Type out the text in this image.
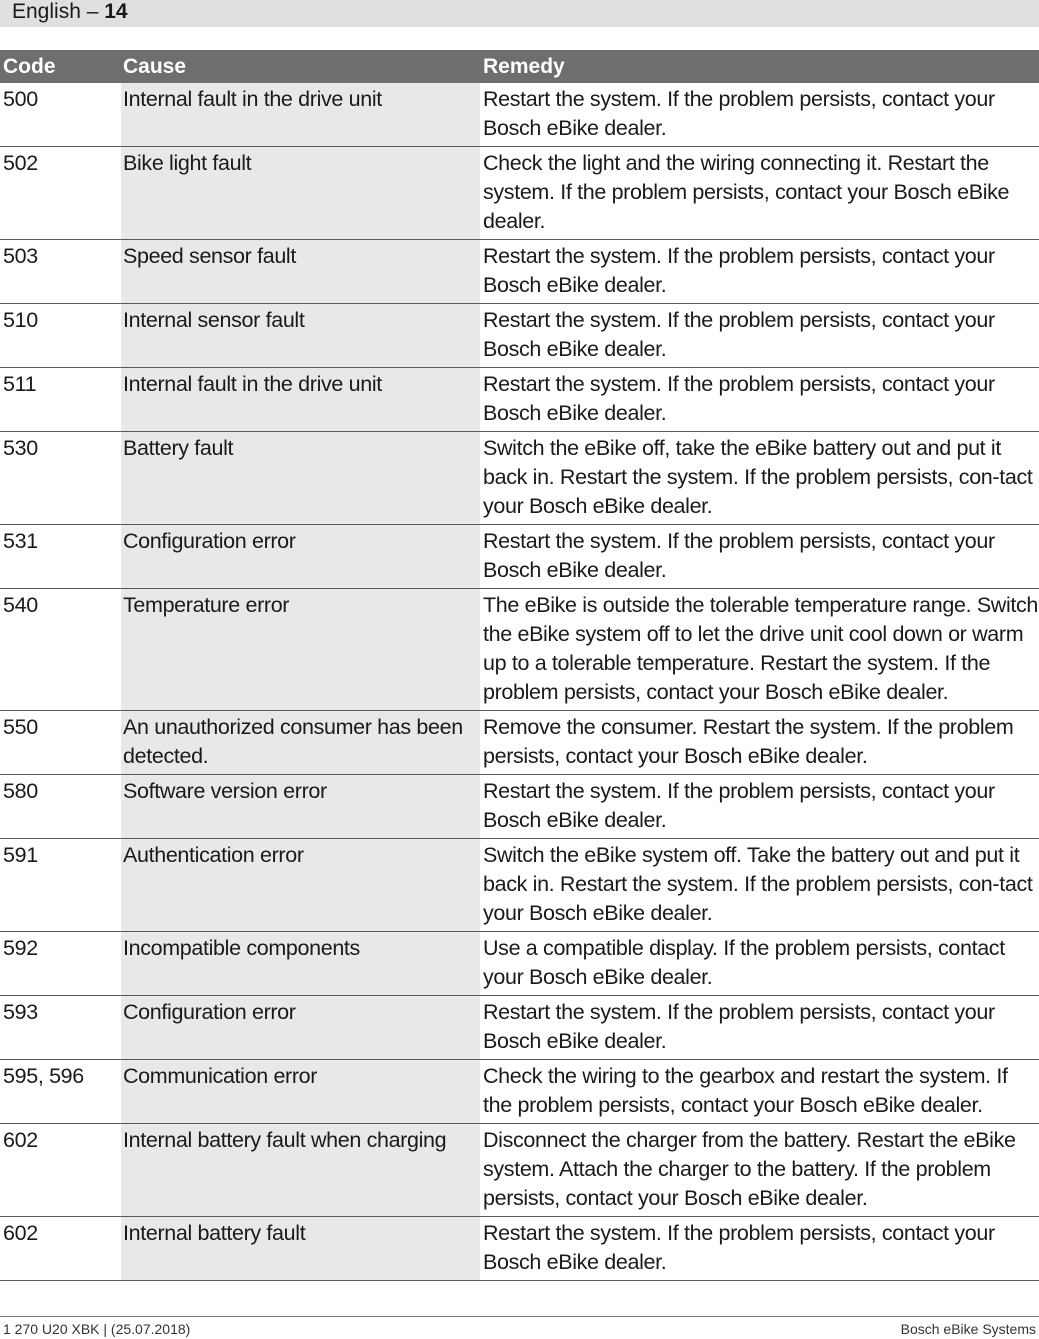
English – 14
Code	Cause	Remedy
500	Internal fault in the drive unit	Restart the system. If the problem persists, contact your Bosch eBike dealer.
502	Bike light fault	Check the light and the wiring connecting it. Restart the system. If the problem persists, contact your Bosch eBike dealer.
503	Speed sensor fault	Restart the system. If the problem persists, contact your Bosch eBike dealer.
510	Internal sensor fault	Restart the system. If the problem persists, contact your Bosch eBike dealer.
511	Internal fault in the drive unit	Restart the system. If the problem persists, contact your Bosch eBike dealer.
530	Battery fault	Switch the eBike off, take the eBike battery out and put it back in. Restart the system. If the problem persists, con-tact your Bosch eBike dealer.
531	Configuration error	Restart the system. If the problem persists, contact your Bosch eBike dealer.
540	Temperature error	The eBike is outside the tolerable temperature range. Switch the eBike system off to let the drive unit cool down or warm up to a tolerable temperature. Restart the system. If the problem persists, contact your Bosch eBike dealer.
550	An unauthorized consumer has been detected.	Remove the consumer. Restart the system. If the problem persists, contact your Bosch eBike dealer.
580	Software version error	Restart the system. If the problem persists, contact your Bosch eBike dealer.
591	Authentication error	Switch the eBike system off. Take the battery out and put it back in. Restart the system. If the problem persists, con-tact your Bosch eBike dealer.
592	Incompatible components	Use a compatible display. If the problem persists, contact your Bosch eBike dealer.
593	Configuration error	Restart the system. If the problem persists, contact your Bosch eBike dealer.
595, 596	Communication error	Check the wiring to the gearbox and restart the system. If the problem persists, contact your Bosch eBike dealer.
602	Internal battery fault when charging	Disconnect the charger from the battery. Restart the eBike system. Attach the charger to the battery. If the problem persists, contact your Bosch eBike dealer.
602	Internal battery fault	Restart the system. If the problem persists, contact your Bosch eBike dealer.
1 270 U20 XBK | (25.07.2018)	Bosch eBike Systems
